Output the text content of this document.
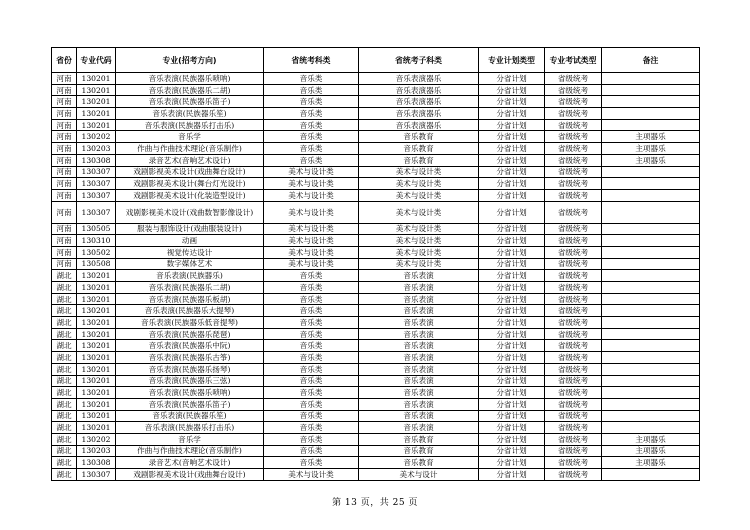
省份	专业代码	专业(招考方向)	省统考科类	省统考子科类	专业计划类型	专业考试类型	备注
河南	130201	音乐表演(民族器乐唢呐)	音乐类	音乐表演器乐	分省计划	省级统考	
河南	130201	音乐表演(民族器乐二胡)	音乐类	音乐表演器乐	分省计划	省级统考	
河南	130201	音乐表演(民族器乐笛子)	音乐类	音乐表演器乐	分省计划	省级统考	
河南	130201	音乐表演(民族器乐笙)	音乐类	音乐表演器乐	分省计划	省级统考	
河南	130201	音乐表演(民族器乐打击乐)	音乐类	音乐表演器乐	分省计划	省级统考	
河南	130202	音乐学	音乐类	音乐教育	分省计划	省级统考	主项器乐
河南	130203	作曲与作曲技术理论(音乐制作)	音乐类	音乐教育	分省计划	省级统考	主项器乐
河南	130308	录音艺术(音响艺术设计)	音乐类	音乐教育	分省计划	省级统考	主项器乐
河南	130307	戏剧影视美术设计(戏曲舞台设计)	美术与设计类	美术与设计类	分省计划	省级统考	
河南	130307	戏剧影视美术设计(舞台灯光设计)	美术与设计类	美术与设计类	分省计划	省级统考	
河南	130307	戏剧影视美术设计(化装造型设计)	美术与设计类	美术与设计类	分省计划	省级统考	
河南	130307	戏剧影视美术设计(戏曲数智影像设计)	美术与设计类	美术与设计类	分省计划	省级统考	
河南	130505	服装与服饰设计(戏曲服装设计)	美术与设计类	美术与设计类	分省计划	省级统考	
河南	130310	动画	美术与设计类	美术与设计类	分省计划	省级统考	
河南	130502	视觉传达设计	美术与设计类	美术与设计类	分省计划	省级统考	
河南	130508	数字媒体艺术	美术与设计类	美术与设计类	分省计划	省级统考	
湖北	130201	音乐表演(民族器乐)	音乐类	音乐表演	分省计划	省级统考	
湖北	130201	音乐表演(民族器乐二胡)	音乐类	音乐表演	分省计划	省级统考	
湖北	130201	音乐表演(民族器乐板胡)	音乐类	音乐表演	分省计划	省级统考	
湖北	130201	音乐表演(民族器乐大提琴)	音乐类	音乐表演	分省计划	省级统考	
湖北	130201	音乐表演(民族器乐低音提琴)	音乐类	音乐表演	分省计划	省级统考	
湖北	130201	音乐表演(民族器乐琵琶)	音乐类	音乐表演	分省计划	省级统考	
湖北	130201	音乐表演(民族器乐中阮)	音乐类	音乐表演	分省计划	省级统考	
湖北	130201	音乐表演(民族器乐古筝)	音乐类	音乐表演	分省计划	省级统考	
湖北	130201	音乐表演(民族器乐扬琴)	音乐类	音乐表演	分省计划	省级统考	
湖北	130201	音乐表演(民族器乐三弦)	音乐类	音乐表演	分省计划	省级统考	
湖北	130201	音乐表演(民族器乐唢呐)	音乐类	音乐表演	分省计划	省级统考	
湖北	130201	音乐表演(民族器乐笛子)	音乐类	音乐表演	分省计划	省级统考	
湖北	130201	音乐表演(民族器乐笙)	音乐类	音乐表演	分省计划	省级统考	
湖北	130201	音乐表演(民族器乐打击乐)	音乐类	音乐表演	分省计划	省级统考	
湖北	130202	音乐学	音乐类	音乐教育	分省计划	省级统考	主项器乐
湖北	130203	作曲与作曲技术理论(音乐制作)	音乐类	音乐教育	分省计划	省级统考	主项器乐
湖北	130308	录音艺术(音响艺术设计)	音乐类	音乐教育	分省计划	省级统考	主项器乐
湖北	130307	戏剧影视美术设计(戏曲舞台设计)	美术与设计类	美术与设计	分省计划	省级统考	
第 13 页，共 25 页
